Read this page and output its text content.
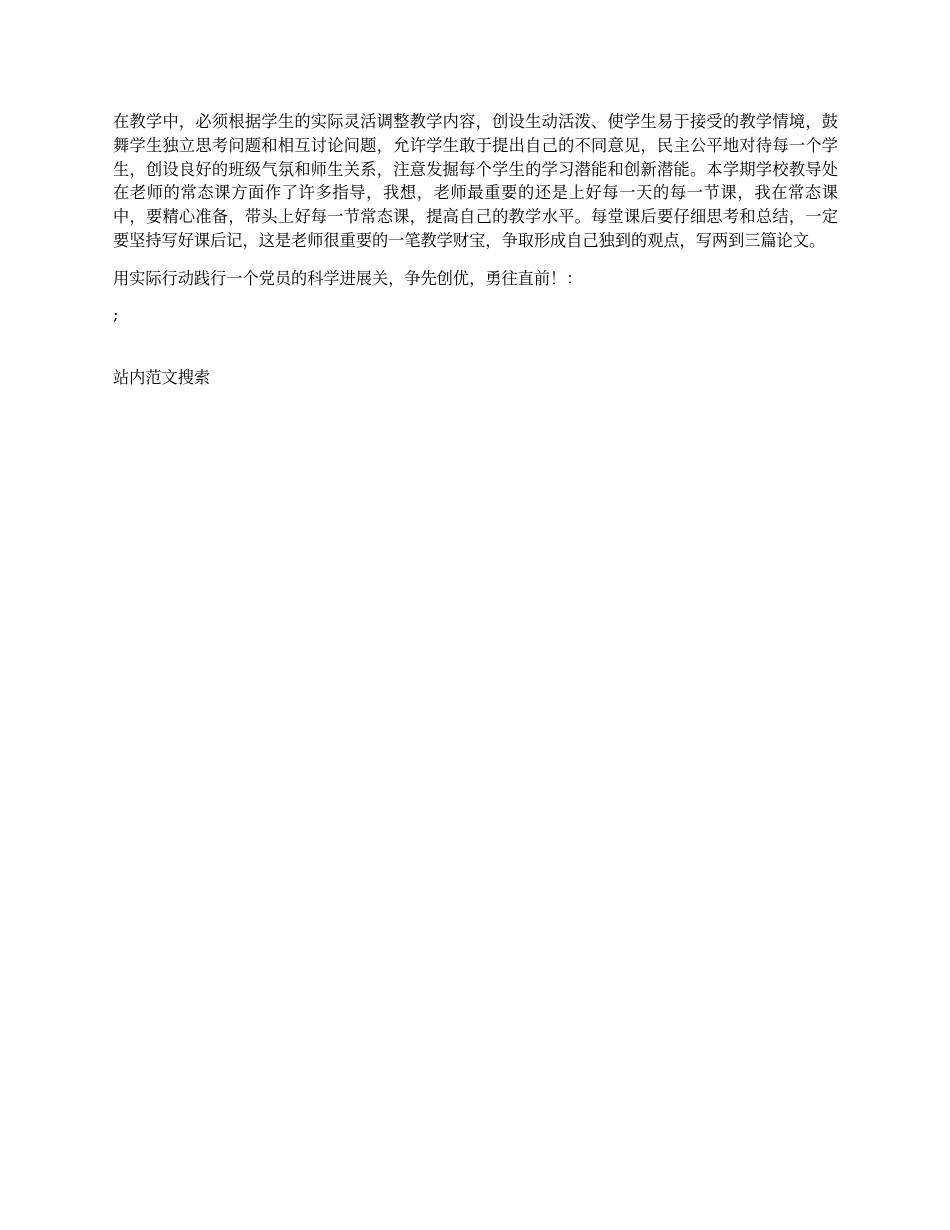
在教学中，必须根据学生的实际灵活调整教学内容，创设生动活泼、使学生易于接受的教学情境，鼓舞学生独立思考问题和相互讨论问题，允许学生敢于提出自己的不同意见，民主公平地对待每一个学生，创设良好的班级气氛和师生关系，注意发掘每个学生的学习潜能和创新潜能。本学期学校教导处在老师的常态课方面作了许多指导，我想，老师最重要的还是上好每一天的每一节课，我在常态课中，要精心准备，带头上好每一节常态课，提高自己的教学水平。每堂课后要仔细思考和总结，一定要坚持写好课后记，这是老师很重要的一笔教学财宝，争取形成自己独到的观点，写两到三篇论文。

用实际行动践行一个党员的科学进展关，争先创优，勇往直前！：

;

站内范文搜索
